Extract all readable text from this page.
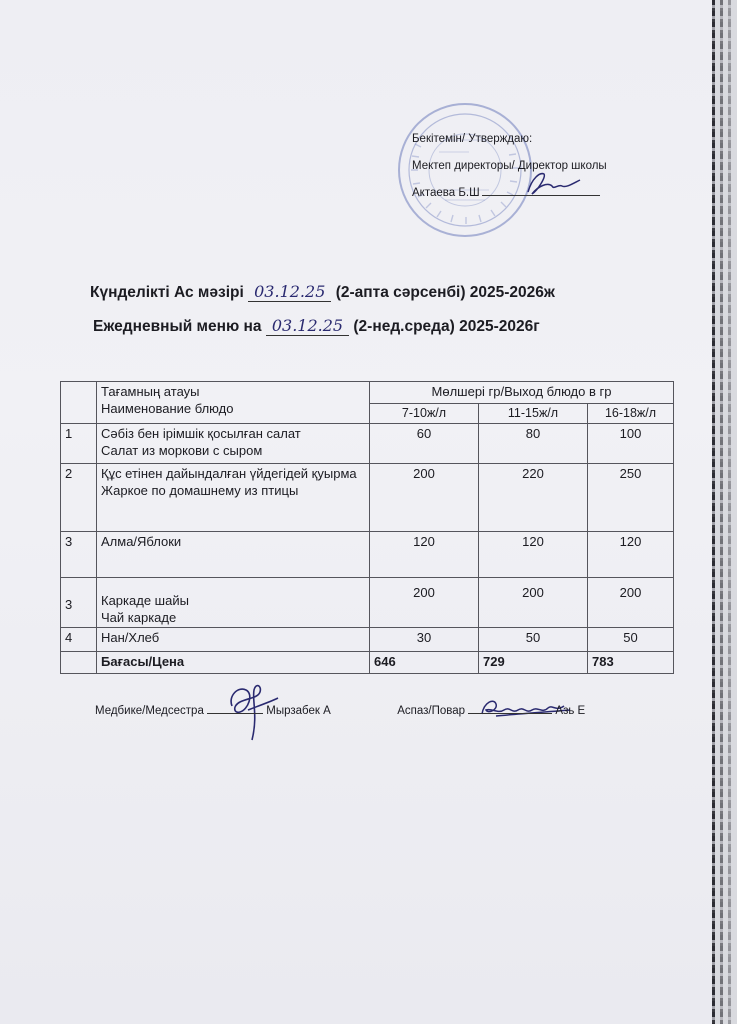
Бекітемін/ Утверждаю:
Мектеп директоры/ Директор школы
Актаева Б.Ш
Күнделікті Ас мәзірі 03.12.25 (2-апта сәрсенбі) 2025-2026ж
Ежедневный меню на 03.12.25 (2-нед.среда) 2025-2026г

	Тағамның атауы
Наименование блюдо	Мөлшері гр/Выход блюдо в гр		
		7-10ж/л	11-15ж/л	16-18ж/л
1	Сәбіз бен ірімшік қосылған салат
Салат из моркови с сыром	60	80	100
2	Құс етінен дайындалған үйдегідей қуырма
Жаркое по домашнему из птицы	200	220	250
3	Алма/Яблоки	120	120	120
3	Каркаде шайы
Чай каркаде	200	200	200
4	Нан/Хлеб	30	50	50
	Бағасы/Цена	646	729	783
Медбике/Медсестра	Мырзабек А	Аспаз/Повар	Азь Е
